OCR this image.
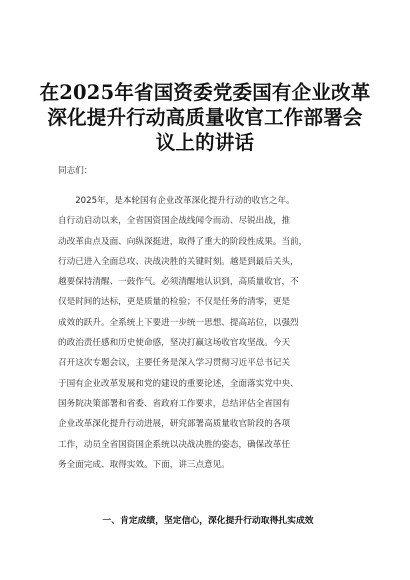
在2025年省国资委党委国有企业改革
深化提升行动高质量收官工作部署会
议上的讲话
同志们：
　　2025年，是本轮国有企业改革深化提升行动的收官之年。
自行动启动以来，全省国资国企战线闻令而动、尽锐出战，推
动改革由点及面、向纵深挺进，取得了重大的阶段性成果。当前，
行动已进入全面总攻、决战决胜的关键时刻。越是到最后关头，
越要保持清醒、一鼓作气。必须清醒地认识到，高质量收官，不
仅是时间的达标，更是质量的检验；不仅是任务的清零，更是
成效的跃升。全系统上下要进一步统一思想、提高站位，以强烈
的政治责任感和历史使命感，坚决打赢这场收官攻坚战。今天
召开这次专题会议，主要任务是深入学习贯彻习近平总书记关
于国有企业改革发展和党的建设的重要论述，全面落实党中央、
国务院决策部署和省委、省政府工作要求，总结评估全省国有
企业改革深化提升行动进展，研究部署高质量收官阶段的各项
工作，动员全省国资国企系统以决战决胜的姿态，确保改革任
务全面完成、取得实效。下面，讲三点意见。
一、肯定成绩，坚定信心，深化提升行动取得扎实成效
